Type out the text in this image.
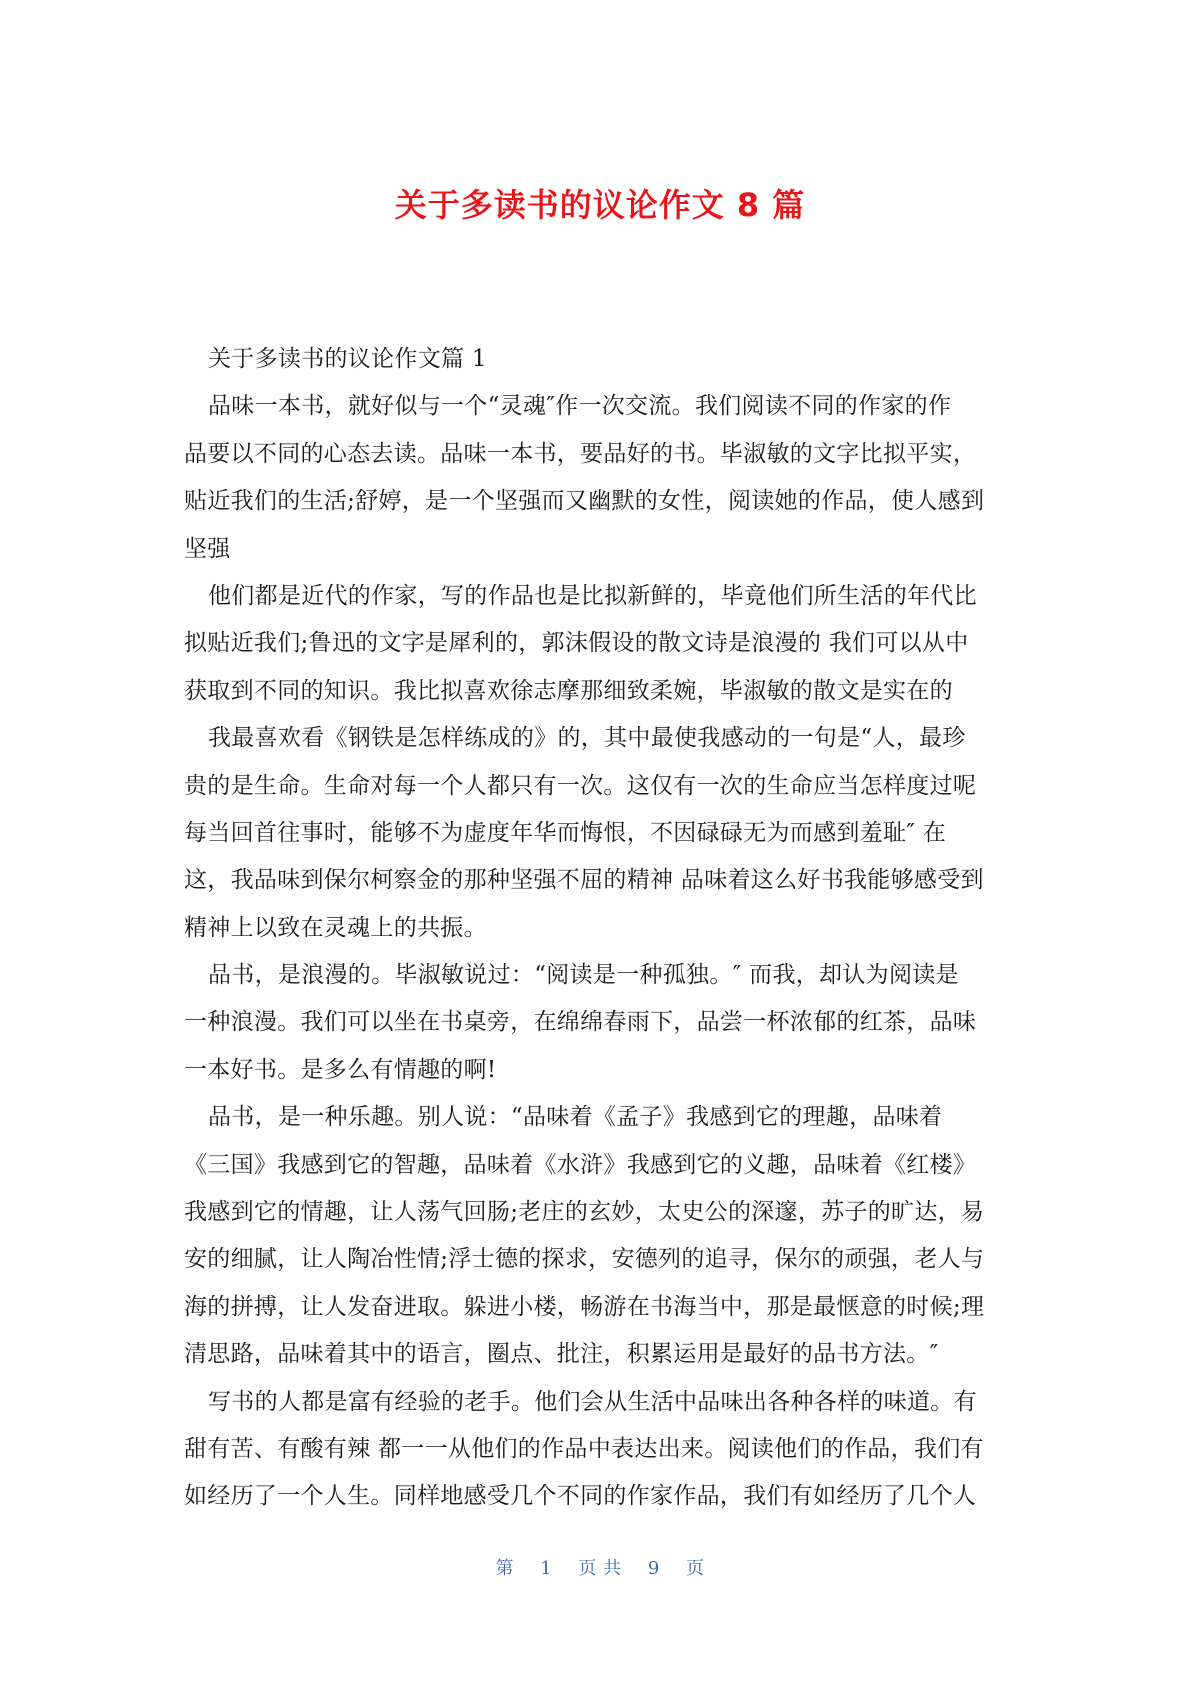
关于多读书的议论作文 8 篇
关于多读书的议论作文篇 1
品味一本书，就好似与一个“灵魂″作一次交流。我们阅读不同的作家的作
品要以不同的心态去读。品味一本书，要品好的书。毕淑敏的文字比拟平实，
贴近我们的生活;舒婷，是一个坚强而又幽默的女性，阅读她的作品，使人感到
坚强
他们都是近代的作家，写的作品也是比拟新鲜的，毕竟他们所生活的年代比
拟贴近我们;鲁迅的文字是犀利的，郭沫假设的散文诗是浪漫的 我们可以从中
获取到不同的知识。我比拟喜欢徐志摩那细致柔婉，毕淑敏的散文是实在的
我最喜欢看《钢铁是怎样练成的》的，其中最使我感动的一句是“人，最珍
贵的是生命。生命对每一个人都只有一次。这仅有一次的生命应当怎样度过呢
每当回首往事时，能够不为虚度年华而悔恨，不因碌碌无为而感到羞耻″ 在
这，我品味到保尔柯察金的那种坚强不屈的精神 品味着这么好书我能够感受到
精神上以致在灵魂上的共振。
品书，是浪漫的。毕淑敏说过：“阅读是一种孤独。″ 而我，却认为阅读是
一种浪漫。我们可以坐在书桌旁，在绵绵春雨下，品尝一杯浓郁的红茶，品味
一本好书。是多么有情趣的啊!
品书，是一种乐趣。别人说：“品味着《孟子》我感到它的理趣，品味着
《三国》我感到它的智趣，品味着《水浒》我感到它的义趣，品味着《红楼》
我感到它的情趣，让人荡气回肠;老庄的玄妙，太史公的深邃，苏子的旷达，易
安的细腻，让人陶冶性情;浮士德的探求，安德列的追寻，保尔的顽强，老人与
海的拼搏，让人发奋进取。躲进小楼，畅游在书海当中，那是最惬意的时候;理
清思路，品味着其中的语言，圈点、批注，积累运用是最好的品书方法。″
写书的人都是富有经验的老手。他们会从生活中品味出各种各样的味道。有
甜有苦、有酸有辣 都一一从他们的作品中表达出来。阅读他们的作品，我们有
如经历了一个人生。同样地感受几个不同的作家作品，我们有如经历了几个人
第 1 页 共 9 页
